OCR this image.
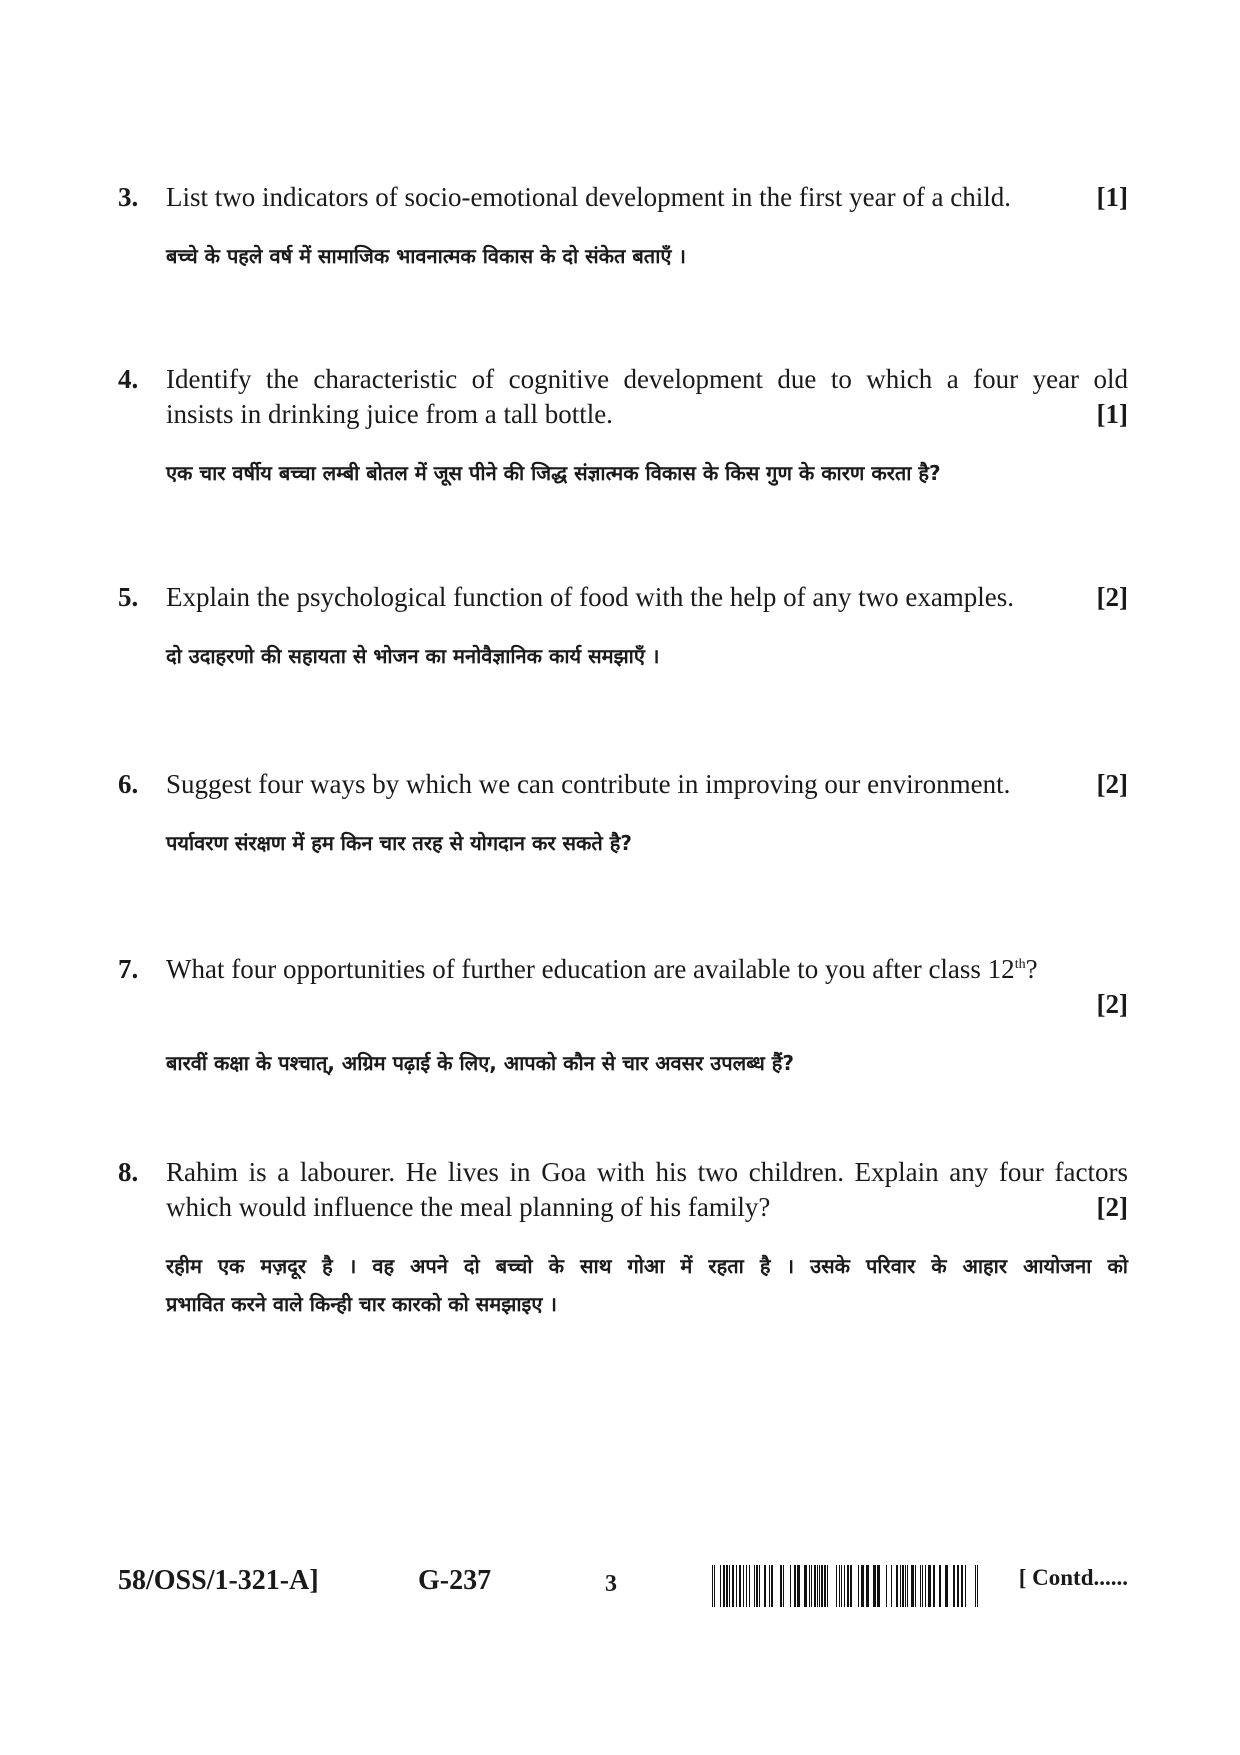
3. List two indicators of socio-emotional development in the first year of a child.	[1]
बच्चे के पहले वर्ष में सामाजिक भावनात्मक विकास के दो संकेत बताएँ ।
4. Identify the characteristic of cognitive development due to which a four year old
insists in drinking juice from a tall bottle.	[1]
एक चार वर्षीय बच्चा लम्बी बोतल में जूस पीने की जिद्ध संज्ञात्मक विकास के किस गुण के कारण करता है?
5. Explain the psychological function of food with the help of any two examples.	[2]
दो उदाहरणो की सहायता से भोजन का मनोवैज्ञानिक कार्य समझाएँ ।
6. Suggest four ways by which we can contribute in improving our environment.	[2]
पर्यावरण संरक्षण में हम किन चार तरह से योगदान कर सकते है?
7. What four opportunities of further education are available to you after class 12th?
[2]
बारवीं कक्षा के पश्चात्, अग्रिम पढ़ाई के लिए, आपको कौन से चार अवसर उपलब्ध हैं?
8. Rahim is a labourer. He lives in Goa with his two children. Explain any four factors
which would influence the meal planning of his family?	[2]
रहीम एक मज़दूर है । वह अपने दो बच्चो के साथ गोआ में रहता है । उसके परिवार के आहार आयोजना को
प्रभावित करने वाले किन्ही चार कारको को समझाइए ।
58/OSS/1-321-A]	G-237	3	[ Contd......
